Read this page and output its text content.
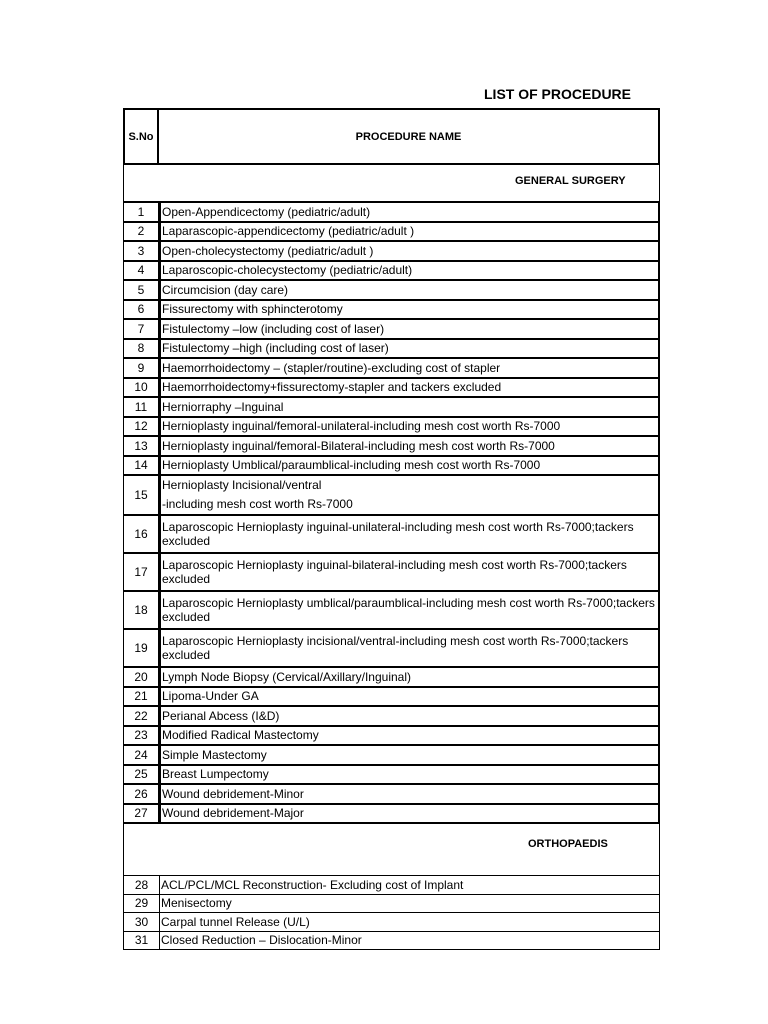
LIST OF PROCEDURE
S.No	PROCEDURE NAME
GENERAL SURGERY
1	Open-Appendicectomy (pediatric/adult)
2	Laparascopic-appendicectomy (pediatric/adult )
3	Open-cholecystectomy (pediatric/adult )
4	Laparoscopic-cholecystectomy (pediatric/adult)
5	Circumcision (day care)
6	Fissurectomy with sphincterotomy
7	Fistulectomy –low (including cost of laser)
8	Fistulectomy –high (including cost of laser)
9	Haemorrhoidectomy – (stapler/routine)-excluding cost of stapler
10	Haemorrhoidectomy+fissurectomy-stapler and tackers excluded
11	Herniorraphy –Inguinal
12	Hernioplasty inguinal/femoral-unilateral-including mesh cost worth Rs-7000
13	Hernioplasty inguinal/femoral-Bilateral-including mesh cost worth Rs-7000
14	Hernioplasty Umblical/paraumblical-including mesh cost worth Rs-7000
15	Hernioplasty Incisional/ventral
-including mesh cost worth Rs-7000

16	Laparoscopic Hernioplasty inguinal-unilateral-including mesh cost worth Rs-7000;tackers excluded
17	Laparoscopic Hernioplasty inguinal-bilateral-including mesh cost worth Rs-7000;tackers excluded
18	Laparoscopic Hernioplasty umblical/paraumblical-including mesh cost worth Rs-7000;tackers excluded
19	Laparoscopic Hernioplasty incisional/ventral-including mesh cost worth Rs-7000;tackers excluded
20	Lymph Node Biopsy (Cervical/Axillary/Inguinal)
21	Lipoma-Under GA
22	Perianal Abcess (I&D)
23	Modified Radical Mastectomy
24	Simple Mastectomy
25	Breast Lumpectomy
26	Wound debridement-Minor
27	Wound debridement-Major
ORTHOPAEDIS
28	ACL/PCL/MCL Reconstruction- Excluding cost of Implant
29	Menisectomy
30	Carpal tunnel Release (U/L)
31	Closed Reduction – Dislocation-Minor
